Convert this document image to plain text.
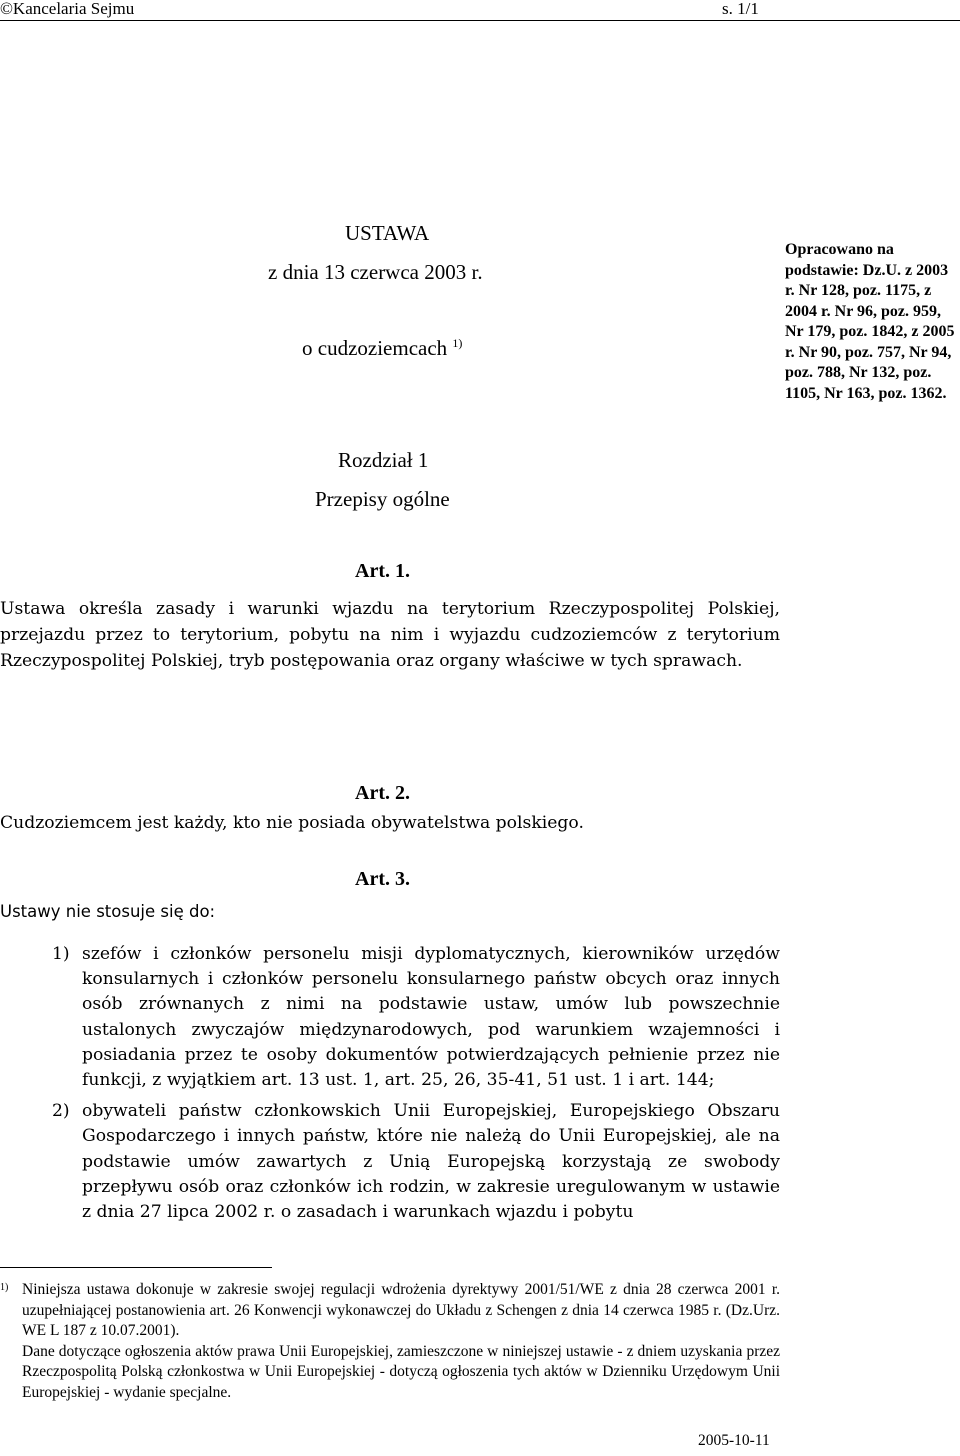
©Kancelaria Sejmu	s. 1/1
USTAWA
z dnia 13 czerwca 2003 r.
o cudzoziemcach $^{1)}$
Rozdział 1
Przepisy ogólne
Opracowano na podstawie: Dz.U. z 2003 r. Nr 128, poz. 1175, z 2004 r. Nr 96, poz. 959, Nr 179, poz. 1842, z 2005 r. Nr 90, poz. 757, Nr 94, poz. 788, Nr 132, poz. 1105, Nr 163, poz. 1362.
Art. 1.
Ustawa określa zasady i warunki wjazdu na terytorium Rzeczypospolitej Polskiej, przejazdu przez to terytorium, pobytu na nim i wyjazdu cudzoziemców z terytorium Rzeczypospolitej Polskiej, tryb postępowania oraz organy właściwe w tych sprawach.
Art. 2.
Cudzoziemcem jest każdy, kto nie posiada obywatelstwa polskiego.
Art. 3.
Ustawy nie stosuje się do:
1) szefów i członków personelu misji dyplomatycznych, kierowników urzędów konsularnych i członków personelu konsularnego państw obcych oraz innych osób zrównanych z nimi na podstawie ustaw, umów lub powszechnie ustalonych zwyczajów międzynarodowych, pod warunkiem wzajemności i posiadania przez te osoby dokumentów potwierdzających pełnienie przez nie funkcji, z wyjątkiem art. 13 ust. 1, art. 25, 26, 35-41, 51 ust. 1 i art. 144;
2) obywateli państw członkowskich Unii Europejskiej, Europejskiego Obszaru Gospodarczego i innych państw, które nie należą do Unii Europejskiej, ale na podstawie umów zawartych z Unią Europejską korzystają ze swobody przepływu osób oraz członków ich rodzin, w zakresie uregulowanym w ustawie z dnia 27 lipca 2002 r. o zasadach i warunkach wjazdu i pobytu

1) Niniejsza ustawa dokonuje w zakresie swojej regulacji wdrożenia dyrektywy 2001/51/WE z dnia 28 czerwca 2001 r. uzupełniającej postanowienia art. 26 Konwencji wykonawczej do Układu z Schengen z dnia 14 czerwca 1985 r. (Dz.Urz. WE L 187 z 10.07.2001).

Dane dotyczące ogłoszenia aktów prawa Unii Europejskiej, zamieszczone w niniejszej ustawie - z dniem uzyskania przez Rzeczpospolitą Polską członkostwa w Unii Europejskiej - dotyczą ogłoszenia tych aktów w Dzienniku Urzędowym Unii Europejskiej - wydanie specjalne.

2005-10-11
